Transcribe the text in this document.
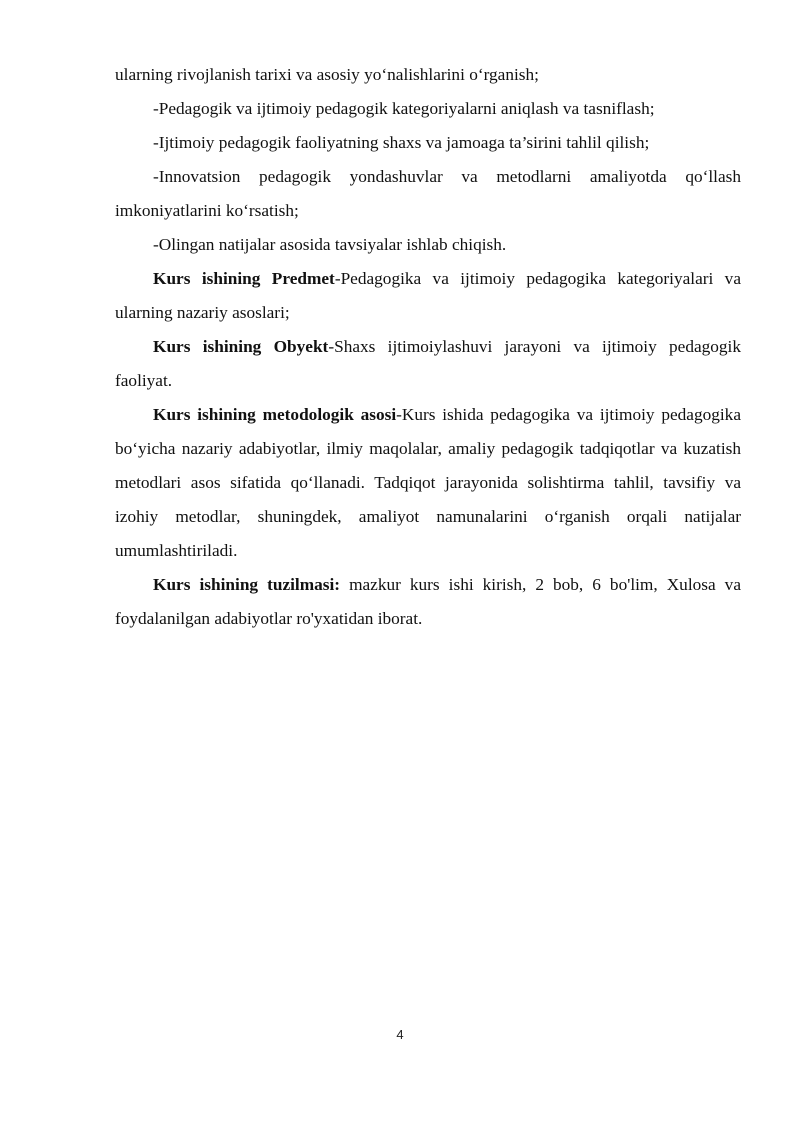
ularning rivojlanish tarixi va asosiy yo‘nalishlarini o‘rganish;

-Pedagogik va ijtimoiy pedagogik kategoriyalarni aniqlash va tasniflash;

-Ijtimoiy pedagogik faoliyatning shaxs va jamoaga ta’sirini tahlil qilish;

-Innovatsion pedagogik yondashuvlar va metodlarni amaliyotda qo‘llash imkoniyatlarini ko‘rsatish;

-Olingan natijalar asosida tavsiyalar ishlab chiqish.

Kurs ishining Predmet-Pedagogika va ijtimoiy pedagogika kategoriyalari va ularning nazariy asoslari;

Kurs ishining Obyekt-Shaxs ijtimoiylashuvi jarayoni va ijtimoiy pedagogik faoliyat.

Kurs ishining metodologik asosi-Kurs ishida pedagogika va ijtimoiy pedagogika bo‘yicha nazariy adabiyotlar, ilmiy maqolalar, amaliy pedagogik tadqiqotlar va kuzatish metodlari asos sifatida qo‘llanadi. Tadqiqot jarayonida solishtirma tahlil, tavsifiy va izohiy metodlar, shuningdek, amaliyot namunalarini o‘rganish orqali natijalar umumlashtiriladi.

Kurs ishining tuzilmasi: mazkur kurs ishi kirish, 2 bob, 6 bo'lim, Xulosa va foydalanilgan adabiyotlar ro'yxatidan iborat.

4
